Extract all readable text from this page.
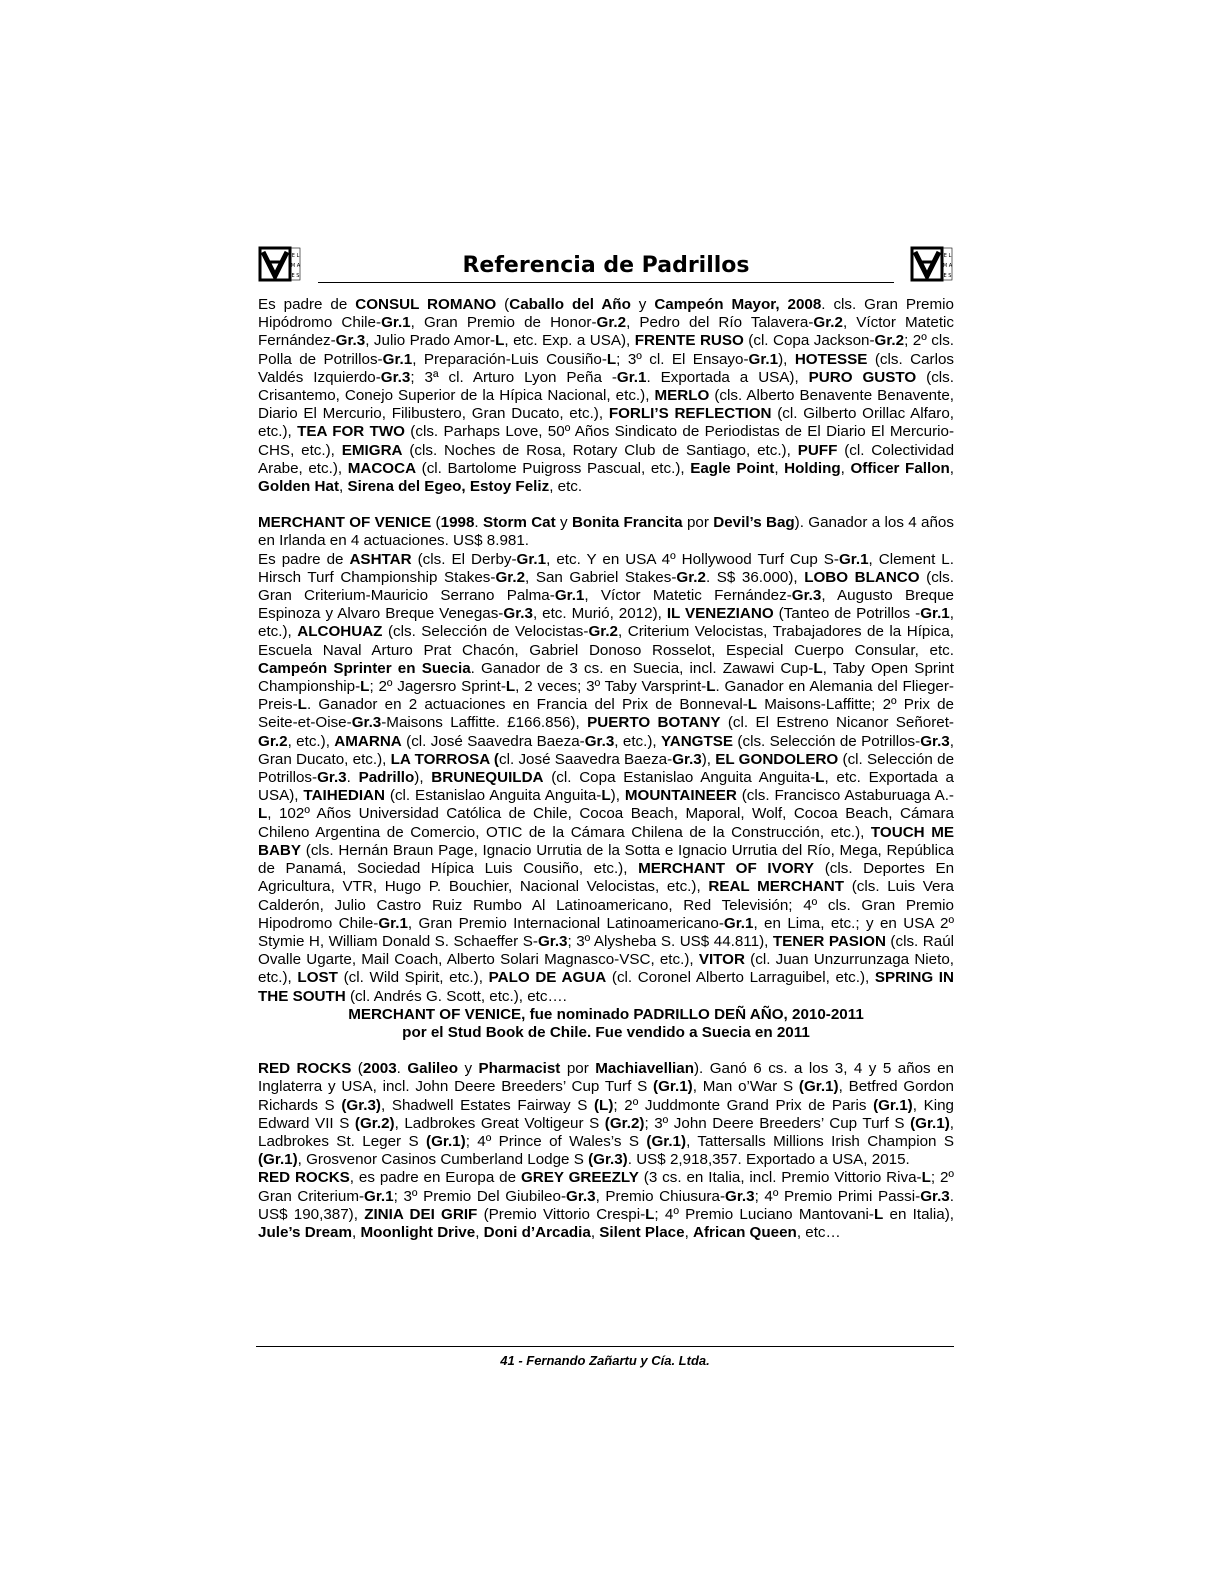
E L
M A
E S	Referencia de Padrillos	E L
M A
E S

Es padre de CONSUL ROMANO (Caballo del Año y Campeón Mayor, 2008. cls. Gran Premio Hipódromo Chile-Gr.1, Gran Premio de Honor-Gr.2, Pedro del Río Talavera-Gr.2, Víctor Matetic Fernández-Gr.3, Julio Prado Amor-L, etc. Exp. a USA), FRENTE RUSO (cl. Copa Jackson-Gr.2; 2º cls. Polla de Potrillos-Gr.1, Preparación-Luis Cousiño-L; 3º cl. El Ensayo-Gr.1), HOTESSE (cls. Carlos Valdés Izquierdo-Gr.3; 3ª cl. Arturo Lyon Peña -Gr.1. Exportada a USA), PURO GUSTO (cls. Crisantemo, Conejo Superior de la Hípica Nacional, etc.), MERLO (cls. Alberto Benavente Benavente, Diario El Mercurio, Filibustero, Gran Ducato, etc.), FORLI’S REFLECTION (cl. Gilberto Orillac Alfaro, etc.), TEA FOR TWO (cls. Parhaps Love, 50º Años Sindicato de Periodistas de El Diario El Mercurio-CHS, etc.), EMIGRA (cls. Noches de Rosa, Rotary Club de Santiago, etc.), PUFF (cl. Colectividad Arabe, etc.), MACOCA (cl. Bartolome Puigross Pascual, etc.), Eagle Point, Holding, Officer Fallon, Golden Hat, Sirena del Egeo, Estoy Feliz, etc.

MERCHANT OF VENICE (1998. Storm Cat y Bonita Francita por Devil’s Bag). Ganador a los 4 años en Irlanda en 4 actuaciones. US$ 8.981.

Es padre de ASHTAR (cls. El Derby-Gr.1, etc. Y en USA 4º Hollywood Turf Cup S-Gr.1, Clement L. Hirsch Turf Championship Stakes-Gr.2, San Gabriel Stakes-Gr.2. S$ 36.000), LOBO BLANCO (cls. Gran Criterium-Mauricio Serrano Palma-Gr.1, Víctor Matetic Fernández-Gr.3, Augusto Breque Espinoza y Alvaro Breque Venegas-Gr.3, etc. Murió, 2012), IL VENEZIANO (Tanteo de Potrillos -Gr.1, etc.), ALCOHUAZ (cls. Selección de Velocistas-Gr.2, Criterium Velocistas, Trabajadores de la Hípica, Escuela Naval Arturo Prat Chacón, Gabriel Donoso Rosselot, Especial Cuerpo Consular, etc. Campeón Sprinter en Suecia. Ganador de 3 cs. en Suecia, incl. Zawawi Cup-L, Taby Open Sprint Championship-L; 2º Jagersro Sprint-L, 2 veces; 3º Taby Varsprint-L. Ganador en Alemania del Flieger-Preis-L. Ganador en 2 actuaciones en Francia del Prix de Bonneval-L Maisons-Laffitte; 2º Prix de Seite-et-Oise-Gr.3-Maisons Laffitte. £166.856), PUERTO BOTANY (cl. El Estreno Nicanor Señoret-Gr.2, etc.), AMARNA (cl. José Saavedra Baeza-Gr.3, etc.), YANGTSE (cls. Selección de Potrillos-Gr.3, Gran Ducato, etc.), LA TORROSA (cl. José Saavedra Baeza-Gr.3), EL GONDOLERO (cl. Selección de Potrillos-Gr.3. Padrillo), BRUNEQUILDA (cl. Copa Estanislao Anguita Anguita-L, etc. Exportada a USA), TAIHEDIAN (cl. Estanislao Anguita Anguita-L), MOUNTAINEER (cls. Francisco Astaburuaga A.-L, 102º Años Universidad Católica de Chile, Cocoa Beach, Maporal, Wolf, Cocoa Beach, Cámara Chileno Argentina de Comercio, OTIC de la Cámara Chilena de la Construcción, etc.), TOUCH ME BABY (cls. Hernán Braun Page, Ignacio Urrutia de la Sotta e Ignacio Urrutia del Río, Mega, República de Panamá, Sociedad Hípica Luis Cousiño, etc.), MERCHANT OF IVORY (cls. Deportes En Agricultura, VTR, Hugo P. Bouchier, Nacional Velocistas, etc.), REAL MERCHANT (cls. Luis Vera Calderón, Julio Castro Ruiz Rumbo Al Latinoamericano, Red Televisión; 4º cls. Gran Premio Hipodromo Chile-Gr.1, Gran Premio Internacional Latinoamericano-Gr.1, en Lima, etc.; y en USA 2º Stymie H, William Donald S. Schaeffer S-Gr.3; 3º Alysheba S. US$ 44.811), TENER PASION (cls. Raúl Ovalle Ugarte, Mail Coach, Alberto Solari Magnasco-VSC, etc.), VITOR (cl. Juan Unzurrunzaga Nieto, etc.), LOST (cl. Wild Spirit, etc.), PALO DE AGUA (cl. Coronel Alberto Larraguibel, etc.), SPRING IN THE SOUTH (cl. Andrés G. Scott, etc.), etc….

MERCHANT OF VENICE, fue nominado PADRILLO DEÑ AÑO, 2010-2011

por el Stud Book de Chile. Fue vendido a Suecia en 2011

RED ROCKS (2003. Galileo y Pharmacist por Machiavellian). Ganó 6 cs. a los 3, 4 y 5 años en Inglaterra y USA, incl. John Deere Breeders’ Cup Turf S (Gr.1), Man o’War S (Gr.1), Betfred Gordon Richards S (Gr.3), Shadwell Estates Fairway S (L); 2º Juddmonte Grand Prix de Paris (Gr.1), King Edward VII S (Gr.2), Ladbrokes Great Voltigeur S (Gr.2); 3º John Deere Breeders’ Cup Turf S (Gr.1), Ladbrokes St. Leger S (Gr.1); 4º Prince of Wales’s S (Gr.1), Tattersalls Millions Irish Champion S (Gr.1), Grosvenor Casinos Cumberland Lodge S (Gr.3). US$ 2,918,357. Exportado a USA, 2015.

RED ROCKS, es padre en Europa de GREY GREEZLY (3 cs. en Italia, incl. Premio Vittorio Riva-L; 2º Gran Criterium-Gr.1; 3º Premio Del Giubileo-Gr.3, Premio Chiusura-Gr.3; 4º Premio Primi Passi-Gr.3. US$ 190,387), ZINIA DEI GRIF (Premio Vittorio Crespi-L; 4º Premio Luciano Mantovani-L en Italia), Jule’s Dream, Moonlight Drive, Doni d’Arcadia, Silent Place, African Queen, etc…

41 - Fernando Zañartu y Cía. Ltda.
